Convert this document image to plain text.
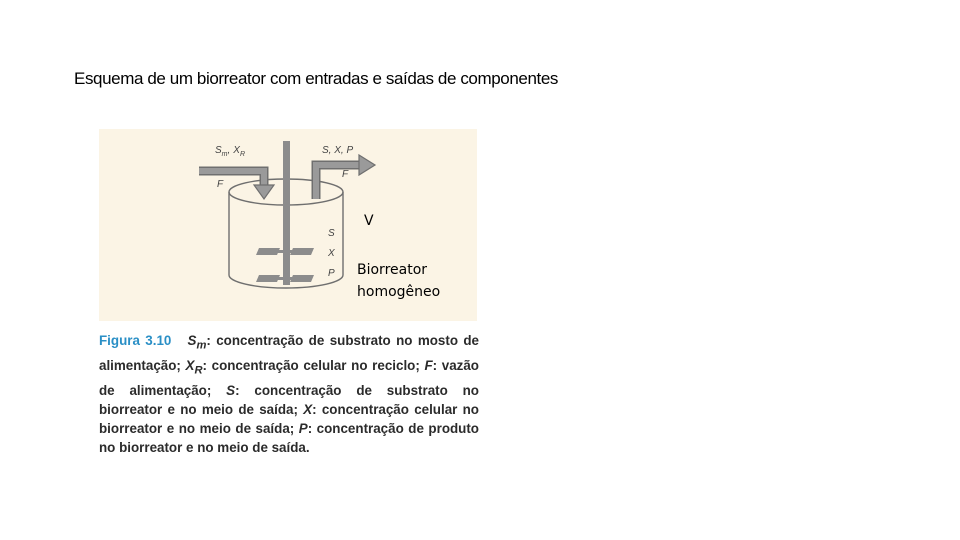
Esquema de um biorreator com entradas e saídas de componentes
$S_m$, $X_R$
F
S, X, P
F
S
X
P
V
Biorreator
homogêneo
Figura 3.10 $S_m$: concentração de substrato no mosto de alimentação; $X_R$: concentração celular no reciclo; F: vazão de alimentação; S: concentração de substrato no biorreator e no meio de saída; X: concentração celular no biorreator e no meio de saída; P: concentração de produto no biorreator e no meio de saída.
